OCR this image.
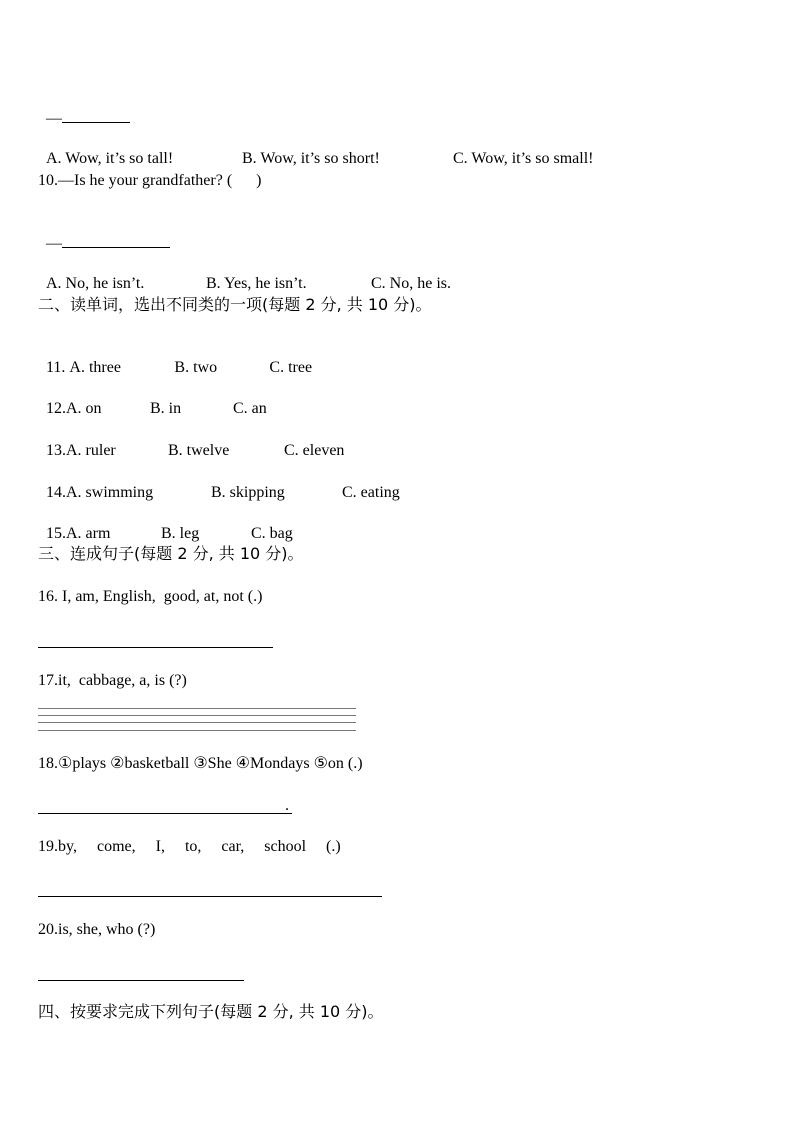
—

A. Wow, it’s so tall!	B. Wow, it’s so short!	C. Wow, it’s so small!

10.—Is he your grandfather? (      )

—

A. No, he isn’t.	B. Yes, he isn’t.	C. No, he is.

二、读单词，选出不同类的一项(每题 2 分, 共 10 分)。

11. A. three	B. two	C. tree

12.A. on	B. in	C. an

13.A. ruler	B. twelve	C. eleven

14.A. swimming	B. skipping	C. eating

15.A. arm	B. leg	C. bag

三、连成句子(每题 2 分, 共 10 分)。
16. I, am, English,  good, at, not (.)
17.it,  cabbage, a, is (?)
18.①plays ②basketball ③She ④Mondays ⑤on (.)
.
19.by,     come,     I,     to,     car,     school     (.)
20.is, she, who (?)
四、按要求完成下列句子(每题 2 分, 共 10 分)。
